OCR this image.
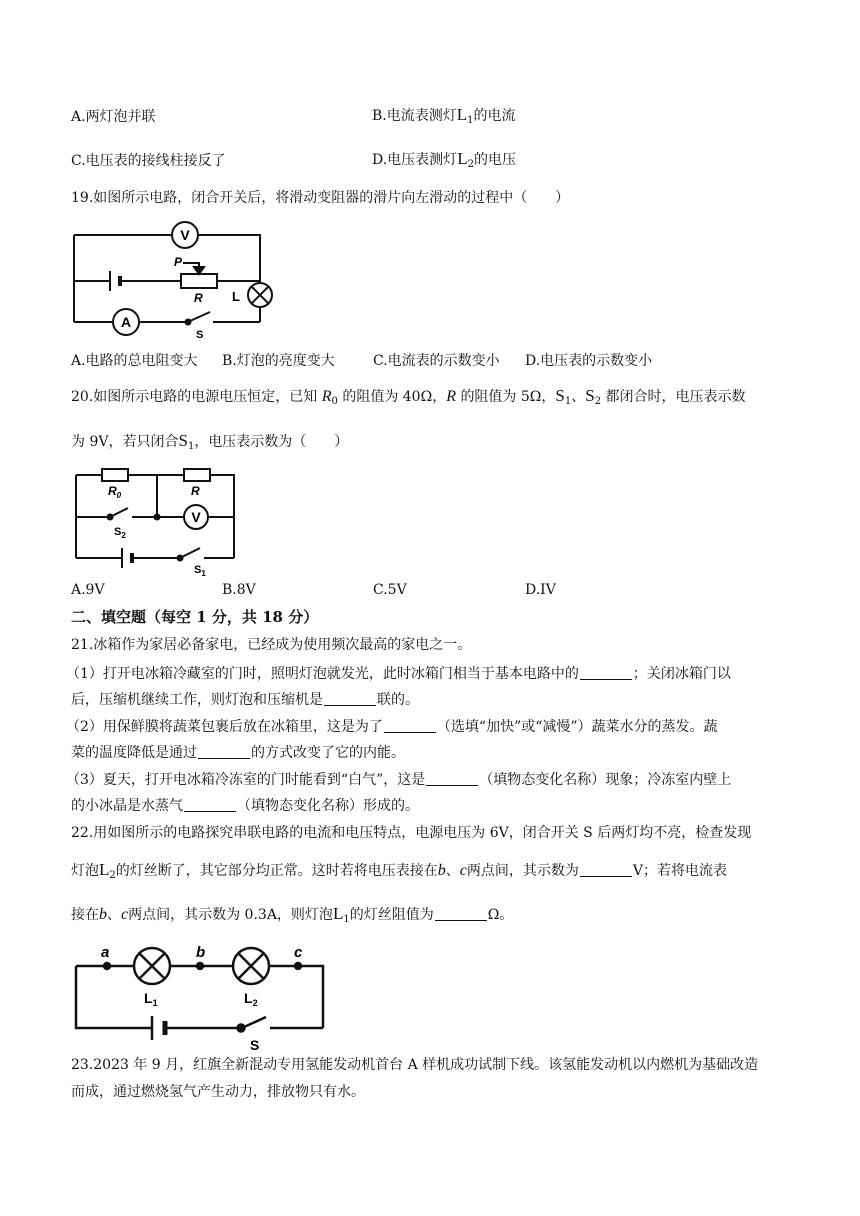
A.两灯泡并联	B.电流表测灯$L_1$的电流
C.电压表的接线柱接反了	D.电压表测灯$L_2$的电压
19.如图所示电路，闭合开关后，将滑动变阻器的滑片向左滑动的过程中（　　）
V
P
R L
A
S
A.电路的总电阻变大 B.灯泡的亮度变大	C.电流表的示数变小 D.电压表的示数变小
20.如图所示电路的电源电压恒定，已知 $R_0$ 的阻值为 40Ω，R 的阻值为 5Ω，$S_1$、$S_2$ 都闭合时，电压表示数
为 9V，若只闭合$S_1$，电压表示数为（　　）
$R_0$	R
$S_2$
V
$S_1$
A.9V	B.8V	C.5V	D.IV
二、填空题（每空 1 分，共 18 分）
21.冰箱作为家居必备家电，已经成为使用频次最高的家电之一。
（1）打开电冰箱冷藏室的门时，照明灯泡就发光，此时冰箱门相当于基本电路中的	；关闭冰箱门以
后，压缩机继续工作，则灯泡和压缩机是	联的。
（2）用保鲜膜将蔬菜包裹后放在冰箱里，这是为了	（选填“加快”或“减慢”）蔬菜水分的蒸发。蔬
菜的温度降低是通过	的方式改变了它的内能。
（3）夏天，打开电冰箱冷冻室的门时能看到“白气”，这是	（填物态变化名称）现象；冷冻室内壁上
的小冰晶是水蒸气	（填物态变化名称）形成的。
22.用如图所示的电路探究串联电路的电流和电压特点，电源电压为 6V，闭合开关 S 后两灯均不亮，检查发现
灯泡$L_2$的灯丝断了，其它部分均正常。这时若将电压表接在b、c两点间，其示数为	V；若将电流表
接在b、c两点间，其示数为 0.3A，则灯泡$L_1$的灯丝阻值为	Ω。
a	b	c
$L_1$	$L_2$
S
23.2023 年 9 月，红旗全新混动专用氢能发动机首台 A 样机成功试制下线。该氢能发动机以内燃机为基础改造
而成，通过燃烧氢气产生动力，排放物只有水。
